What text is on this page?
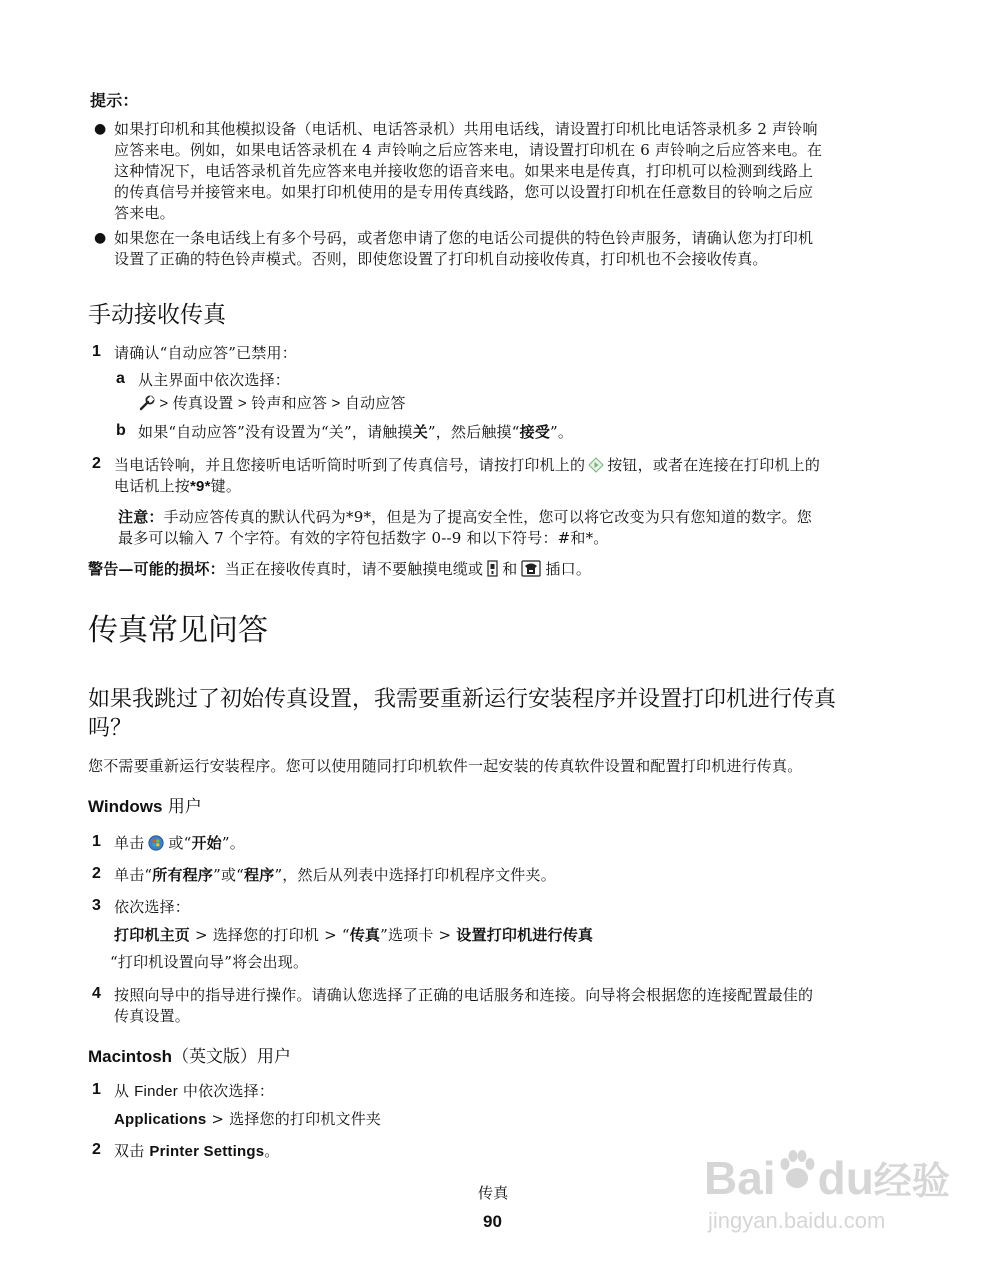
提示：
● 如果打印机和其他模拟设备（电话机、电话答录机）共用电话线，请设置打印机比电话答录机多 2 声铃响
应答来电。例如，如果电话答录机在 4 声铃响之后应答来电，请设置打印机在 6 声铃响之后应答来电。在
这种情况下，电话答录机首先应答来电并接收您的语音来电。如果来电是传真，打印机可以检测到线路上
的传真信号并接管来电。如果打印机使用的是专用传真线路，您可以设置打印机在任意数目的铃响之后应
答来电。
● 如果您在一条电话线上有多个号码，或者您申请了您的电话公司提供的特色铃声服务，请确认您为打印机
设置了正确的特色铃声模式。否则，即使您设置了打印机自动接收传真，打印机也不会接收传真。
手动接收传真
1 请确认“自动应答”已禁用：
a 从主界面中依次选择：
> 传真设置 > 铃声和应答 > 自动应答
b 如果“自动应答”没有设置为“关”，请触摸关”，然后触摸“接受”。
2 当电话铃响，并且您接听电话听筒时听到了传真信号，请按打印机上的 按钮，或者在连接在打印机上的
电话机上按*9*键。
注意：手动应答传真的默认代码为*9*，但是为了提高安全性，您可以将它改变为只有您知道的数字。您
最多可以输入 7 个字符。有效的字符包括数字 0--9 和以下符号：#和*。
警告—可能的损坏：当正在接收传真时，请不要触摸电缆或 和 插口。
传真常见问答
如果我跳过了初始传真设置，我需要重新运行安装程序并设置打印机进行传真
吗？
您不需要重新运行安装程序。您可以使用随同打印机软件一起安装的传真软件设置和配置打印机进行传真。
Windows 用户
1 单击 或“开始”。
2 单击“所有程序”或“程序”，然后从列表中选择打印机程序文件夹。
3 依次选择：
打印机主页 > 选择您的打印机 > “传真”选项卡 > 设置打印机进行传真
“打印机设置向导”将会出现。
4 按照向导中的指导进行操作。请确认您选择了正确的电话服务和连接。向导将会根据您的连接配置最佳的
传真设置。
Macintosh（英文版）用户
1 从 Finder 中依次选择：
Applications > 选择您的打印机文件夹
2 双击 Printer Settings。
传真
90
Bai du经验
jingyan.baidu.com
